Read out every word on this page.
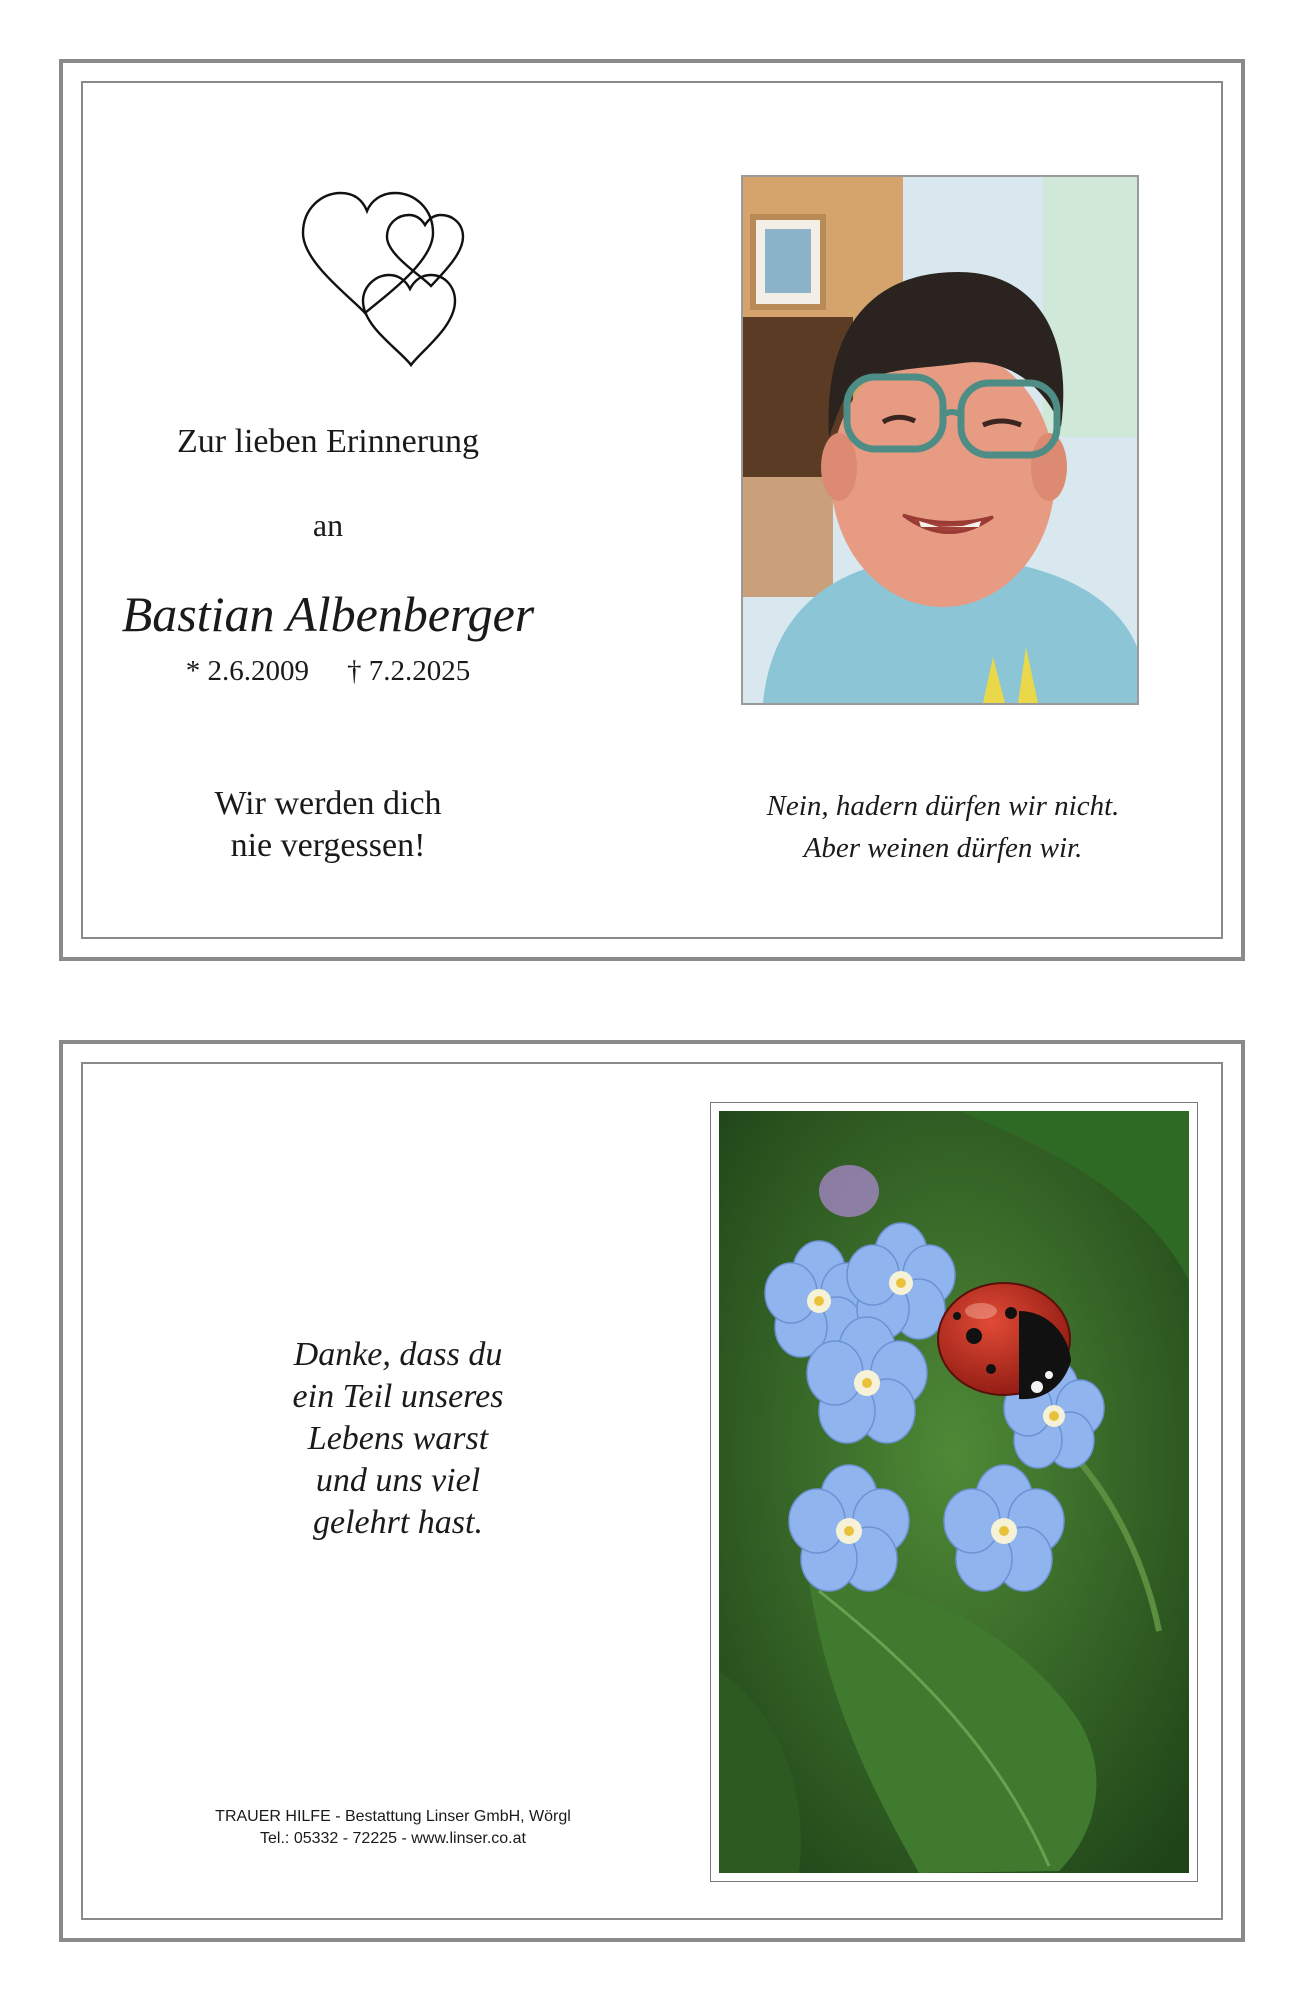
Zur lieben Erinnerung
an
Bastian Albenberger
* 2.6.2009 † 7.2.2025
Wir werden dich
nie vergessen!
Nein, hadern dürfen wir nicht.
Aber weinen dürfen wir.
Danke, dass du
ein Teil unseres
Lebens warst
und uns viel
gelehrt hast.
TRAUER HILFE - Bestattung Linser GmbH, Wörgl
Tel.: 05332 - 72225 - www.linser.co.at
